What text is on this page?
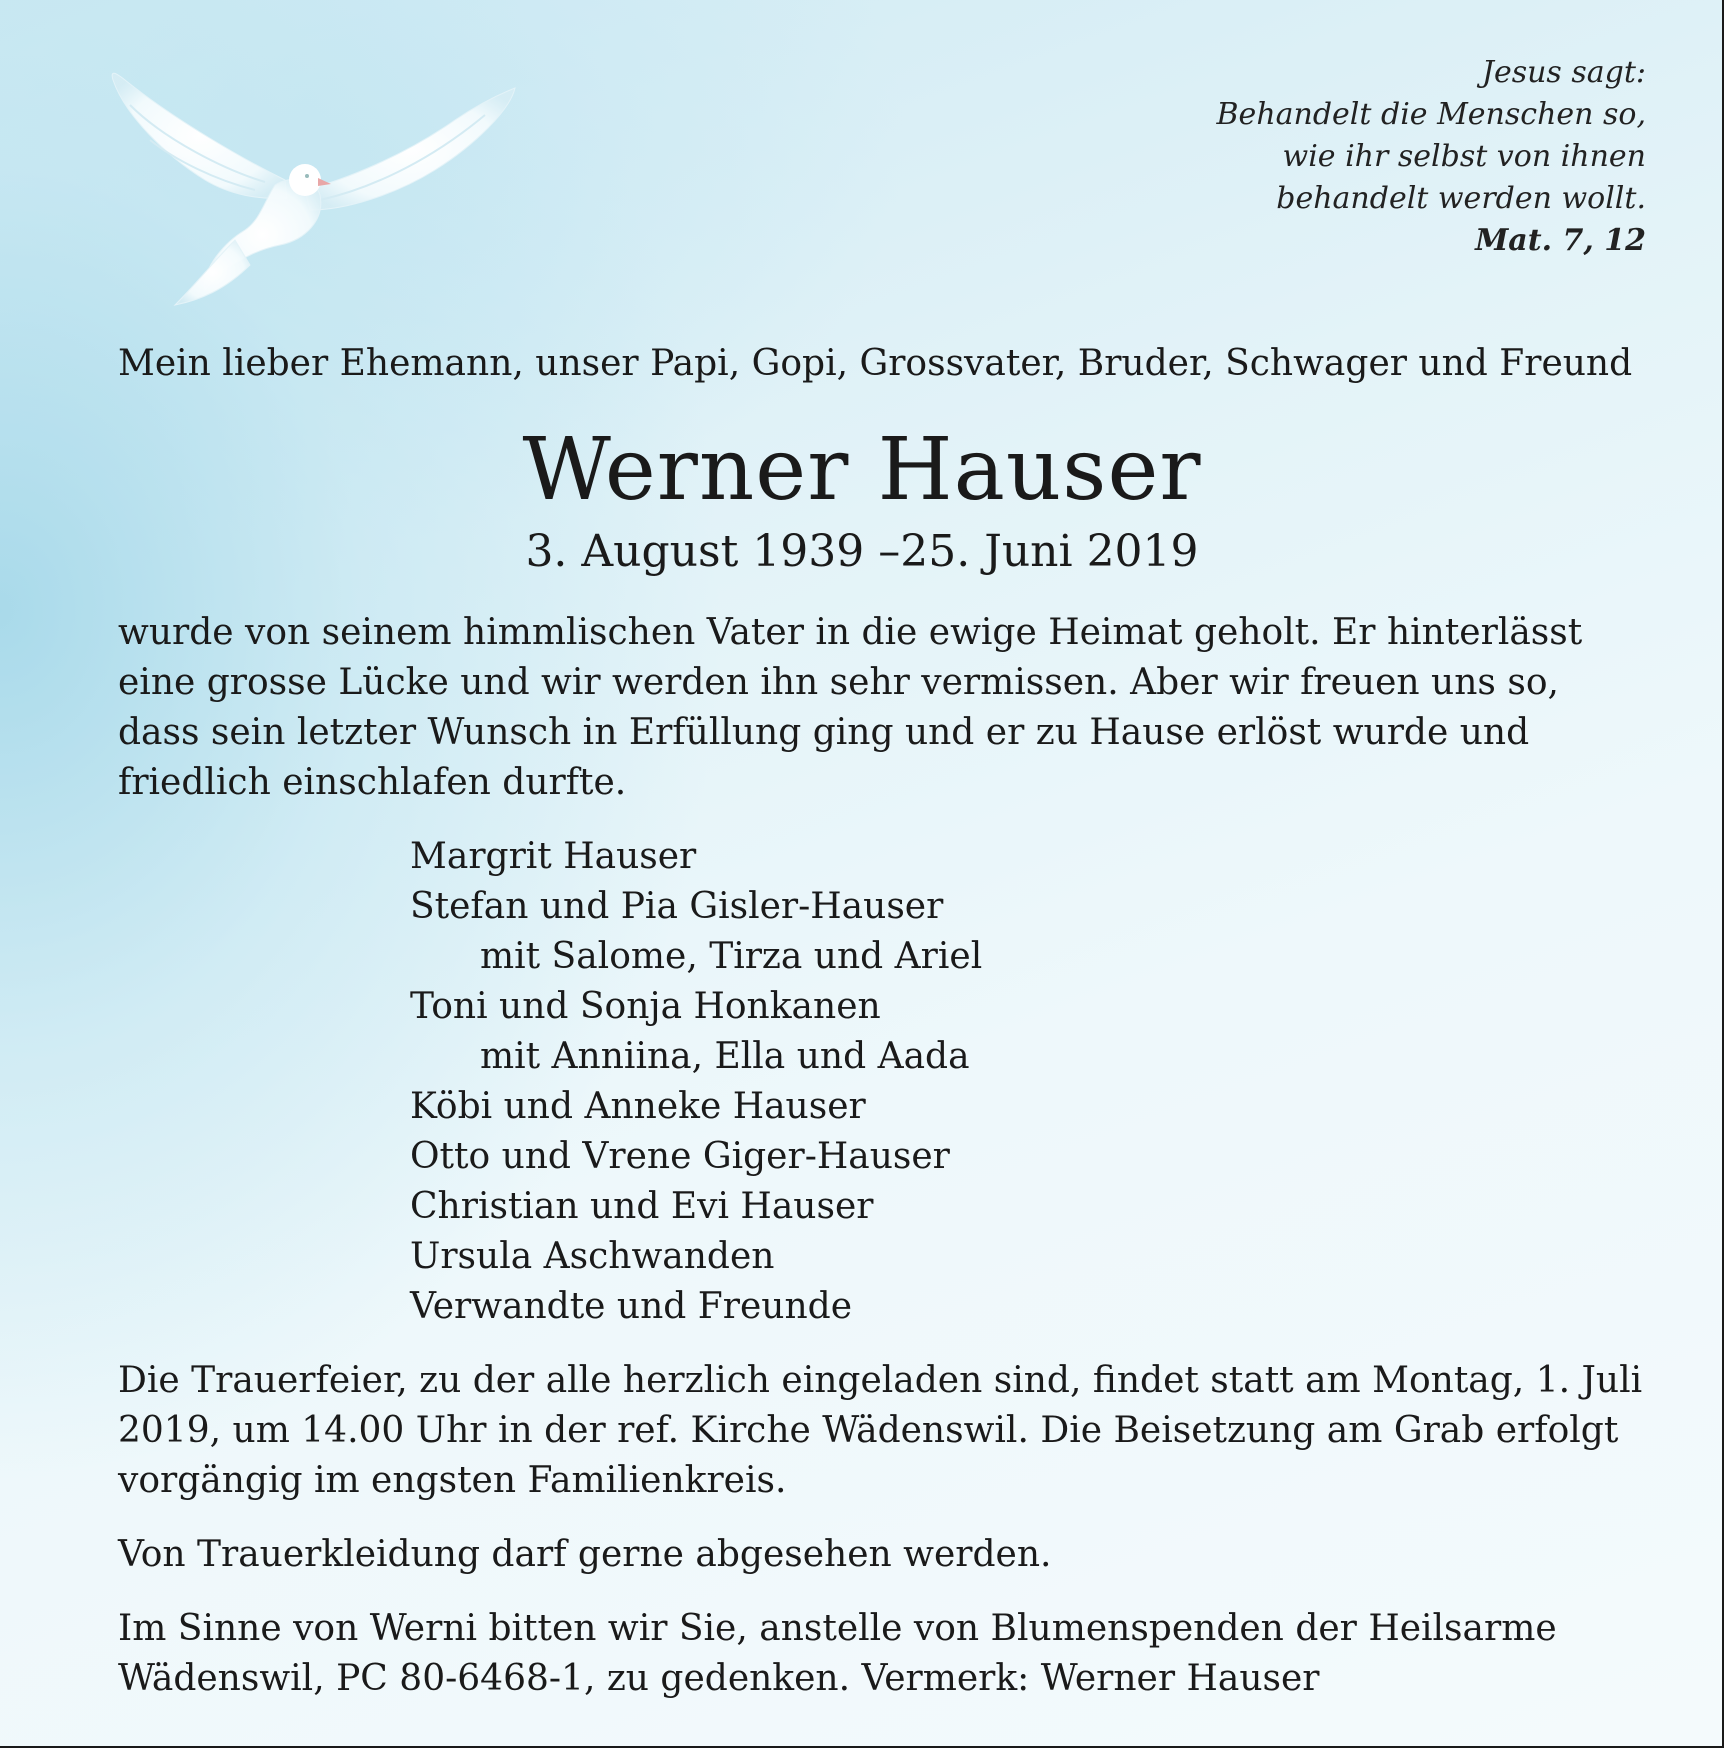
Jesus sagt:
Behandelt die Menschen so,
wie ihr selbst von ihnen
behandelt werden wollt.
Mat. 7, 12
Mein lieber Ehemann, unser Papi, Gopi, Grossvater, Bruder, Schwager und Freund
Werner Hauser
3. August 1939 –25. Juni 2019
wurde von seinem himmlischen Vater in die ewige Heimat geholt. Er hinterlässt eine grosse Lücke und wir werden ihn sehr vermissen. Aber wir freuen uns so, dass sein letzter Wunsch in Erfüllung ging und er zu Hause erlöst wurde und friedlich einschlafen durfte.
Margrit Hauser
Stefan und Pia Gisler-Hauser
mit Salome, Tirza und Ariel
Toni und Sonja Honkanen
mit Anniina, Ella und Aada
Köbi und Anneke Hauser
Otto und Vrene Giger-Hauser
Christian und Evi Hauser
Ursula Aschwanden
Verwandte und Freunde
Die Trauerfeier, zu der alle herzlich eingeladen sind, findet statt am Montag, 1. Juli 2019, um 14.00 Uhr in der ref. Kirche Wädenswil. Die Beisetzung am Grab erfolgt vorgängig im engsten Familienkreis.
Von Trauerkleidung darf gerne abgesehen werden.
Im Sinne von Werni bitten wir Sie, anstelle von Blumenspenden der Heilsarme Wädenswil, PC 80-6468-1, zu gedenken. Vermerk: Werner Hauser
